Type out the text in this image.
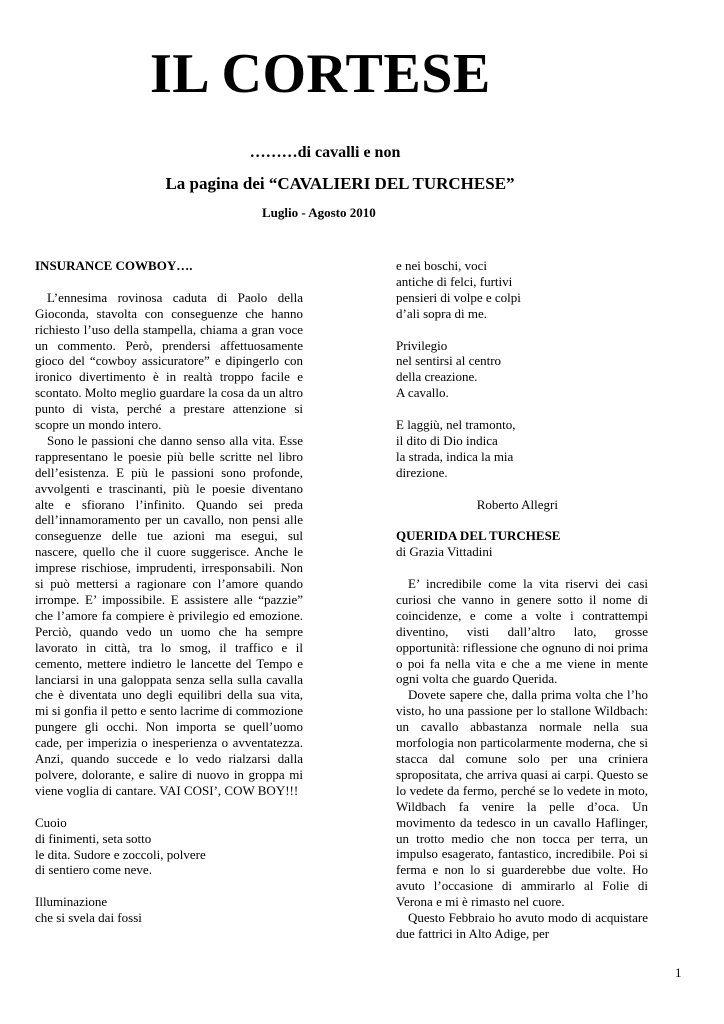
IL CORTESE
………di cavalli e non
La pagina dei “CAVALIERI DEL TURCHESE”
Luglio - Agosto 2010

INSURANCE COWBOY….

L’ennesima rovinosa caduta di Paolo della Gioconda, stavolta con conseguenze che hanno richiesto l’uso della stampella, chiama a gran voce un commento. Però, prendersi affettuosamente gioco del “cowboy assicuratore” e dipingerlo con ironico divertimento è in realtà troppo facile e scontato. Molto meglio guardare la cosa da un altro punto di vista, perché a prestare attenzione si scopre un mondo intero.

Sono le passioni che danno senso alla vita. Esse rappresentano le poesie più belle scritte nel libro dell’esistenza. E più le passioni sono profonde, avvolgenti e trascinanti, più le poesie diventano alte e sfiorano l’infinito. Quando sei preda dell’innamoramento per un cavallo, non pensi alle conseguenze delle tue azioni ma esegui, sul nascere, quello che il cuore suggerisce. Anche le imprese rischiose, imprudenti, irresponsabili. Non si può mettersi a ragionare con l’amore quando irrompe. E’ impossibile. E assistere alle “pazzie” che l’amore fa compiere è privilegio ed emozione. Perciò, quando vedo un uomo che ha sempre lavorato in città, tra lo smog, il traffico e il cemento, mettere indietro le lancette del Tempo e lanciarsi in una galoppata senza sella sulla cavalla che è diventata uno degli equilibri della sua vita, mi si gonfia il petto e sento lacrime di commozione pungere gli occhi. Non importa se quell’uomo cade, per imperizia o inesperienza o avventatezza. Anzi, quando succede e lo vedo rialzarsi dalla polvere, dolorante, e salire di nuovo in groppa mi viene voglia di cantare. VAI COSI’, COW BOY!!!

Cuoio

di finimenti, seta sotto

le dita. Sudore e zoccoli, polvere

di sentiero come neve.

Illuminazione

che si svela dai fossi

e nei boschi, voci

antiche di felci, furtivi

pensieri di volpe e colpi

d’ali sopra di me.

Privilegio

nel sentirsi al centro

della creazione.

A cavallo.

E laggiù, nel tramonto,

il dito di Dio indica

la strada, indica la mia

direzione.

Roberto Allegri

QUERIDA DEL TURCHESE

di Grazia Vittadini

E’ incredibile come la vita riservi dei casi curiosi che vanno in genere sotto il nome di coincidenze, e come a volte i contrattempi diventino, visti dall’altro lato, grosse opportunità: riflessione che ognuno di noi prima o poi fa nella vita e che a me viene in mente ogni volta che guardo Querida.

Dovete sapere che, dalla prima volta che l’ho visto, ho una passione per lo stallone Wildbach: un cavallo abbastanza normale nella sua morfologia non particolarmente moderna, che si stacca dal comune solo per una criniera spropositata, che arriva quasi ai carpi. Questo se lo vedete da fermo, perché se lo vedete in moto, Wildbach fa venire la pelle d’oca. Un movimento da tedesco in un cavallo Haflinger, un trotto medio che non tocca per terra, un impulso esagerato, fantastico, incredibile. Poi si ferma e non lo si guarderebbe due volte. Ho avuto l’occasione di ammirarlo al Folie di Verona e mi è rimasto nel cuore.

Questo Febbraio ho avuto modo di acquistare due fattrici in Alto Adige, per

1
